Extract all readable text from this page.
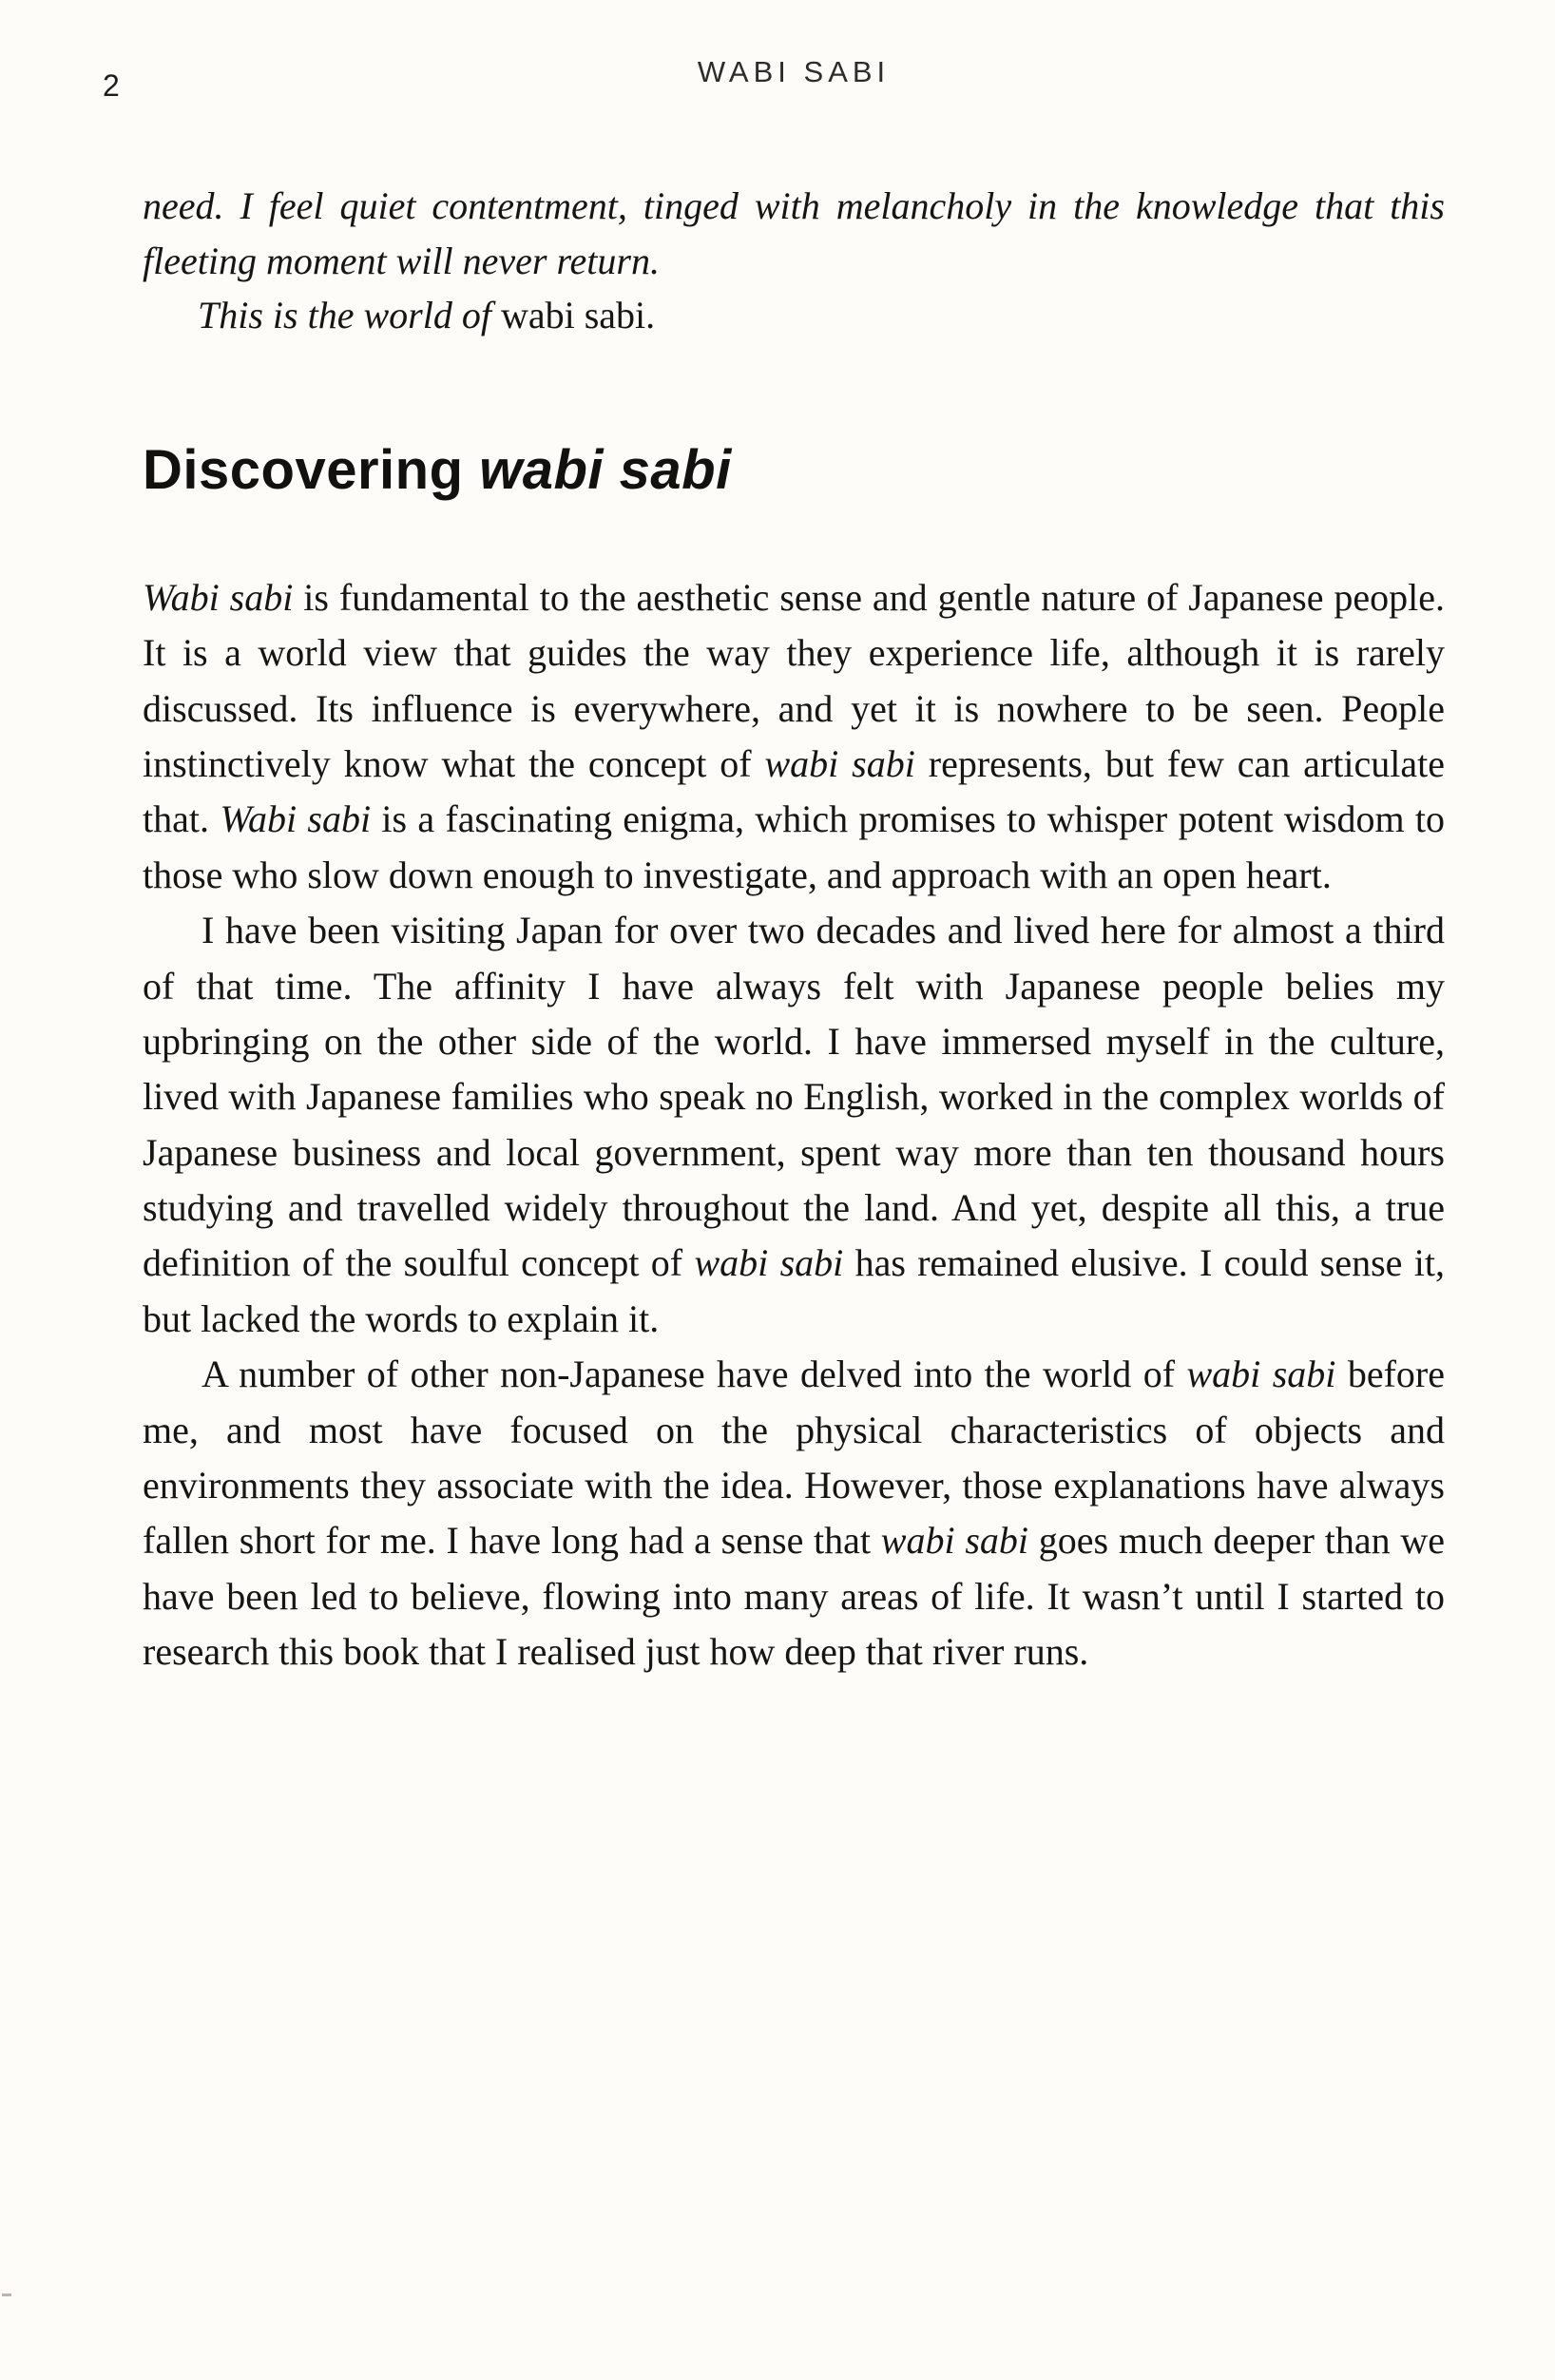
2	WABI SABI

need. I feel quiet contentment, tinged with melancholy in the knowledge that this fleeting moment will never return.

This is the world of wabi sabi.

Discovering wabi sabi

Wabi sabi is fundamental to the aesthetic sense and gentle nature of Japanese people. It is a world view that guides the way they experience life, although it is rarely discussed. Its influence is everywhere, and yet it is nowhere to be seen. People instinctively know what the concept of wabi sabi represents, but few can articulate that. Wabi sabi is a fascinating enigma, which promises to whisper potent wisdom to those who slow down enough to investigate, and approach with an open heart.

I have been visiting Japan for over two decades and lived here for almost a third of that time. The affinity I have always felt with Japanese people belies my upbringing on the other side of the world. I have immersed myself in the culture, lived with Japanese families who speak no English, worked in the complex worlds of Japanese business and local government, spent way more than ten thousand hours studying and travelled widely throughout the land. And yet, despite all this, a true definition of the soulful concept of wabi sabi has remained elusive. I could sense it, but lacked the words to explain it.

A number of other non-Japanese have delved into the world of wabi sabi before me, and most have focused on the physical characteristics of objects and environments they associate with the idea. However, those explanations have always fallen short for me. I have long had a sense that wabi sabi goes much deeper than we have been led to believe, flowing into many areas of life. It wasn’t until I started to research this book that I realised just how deep that river runs.
